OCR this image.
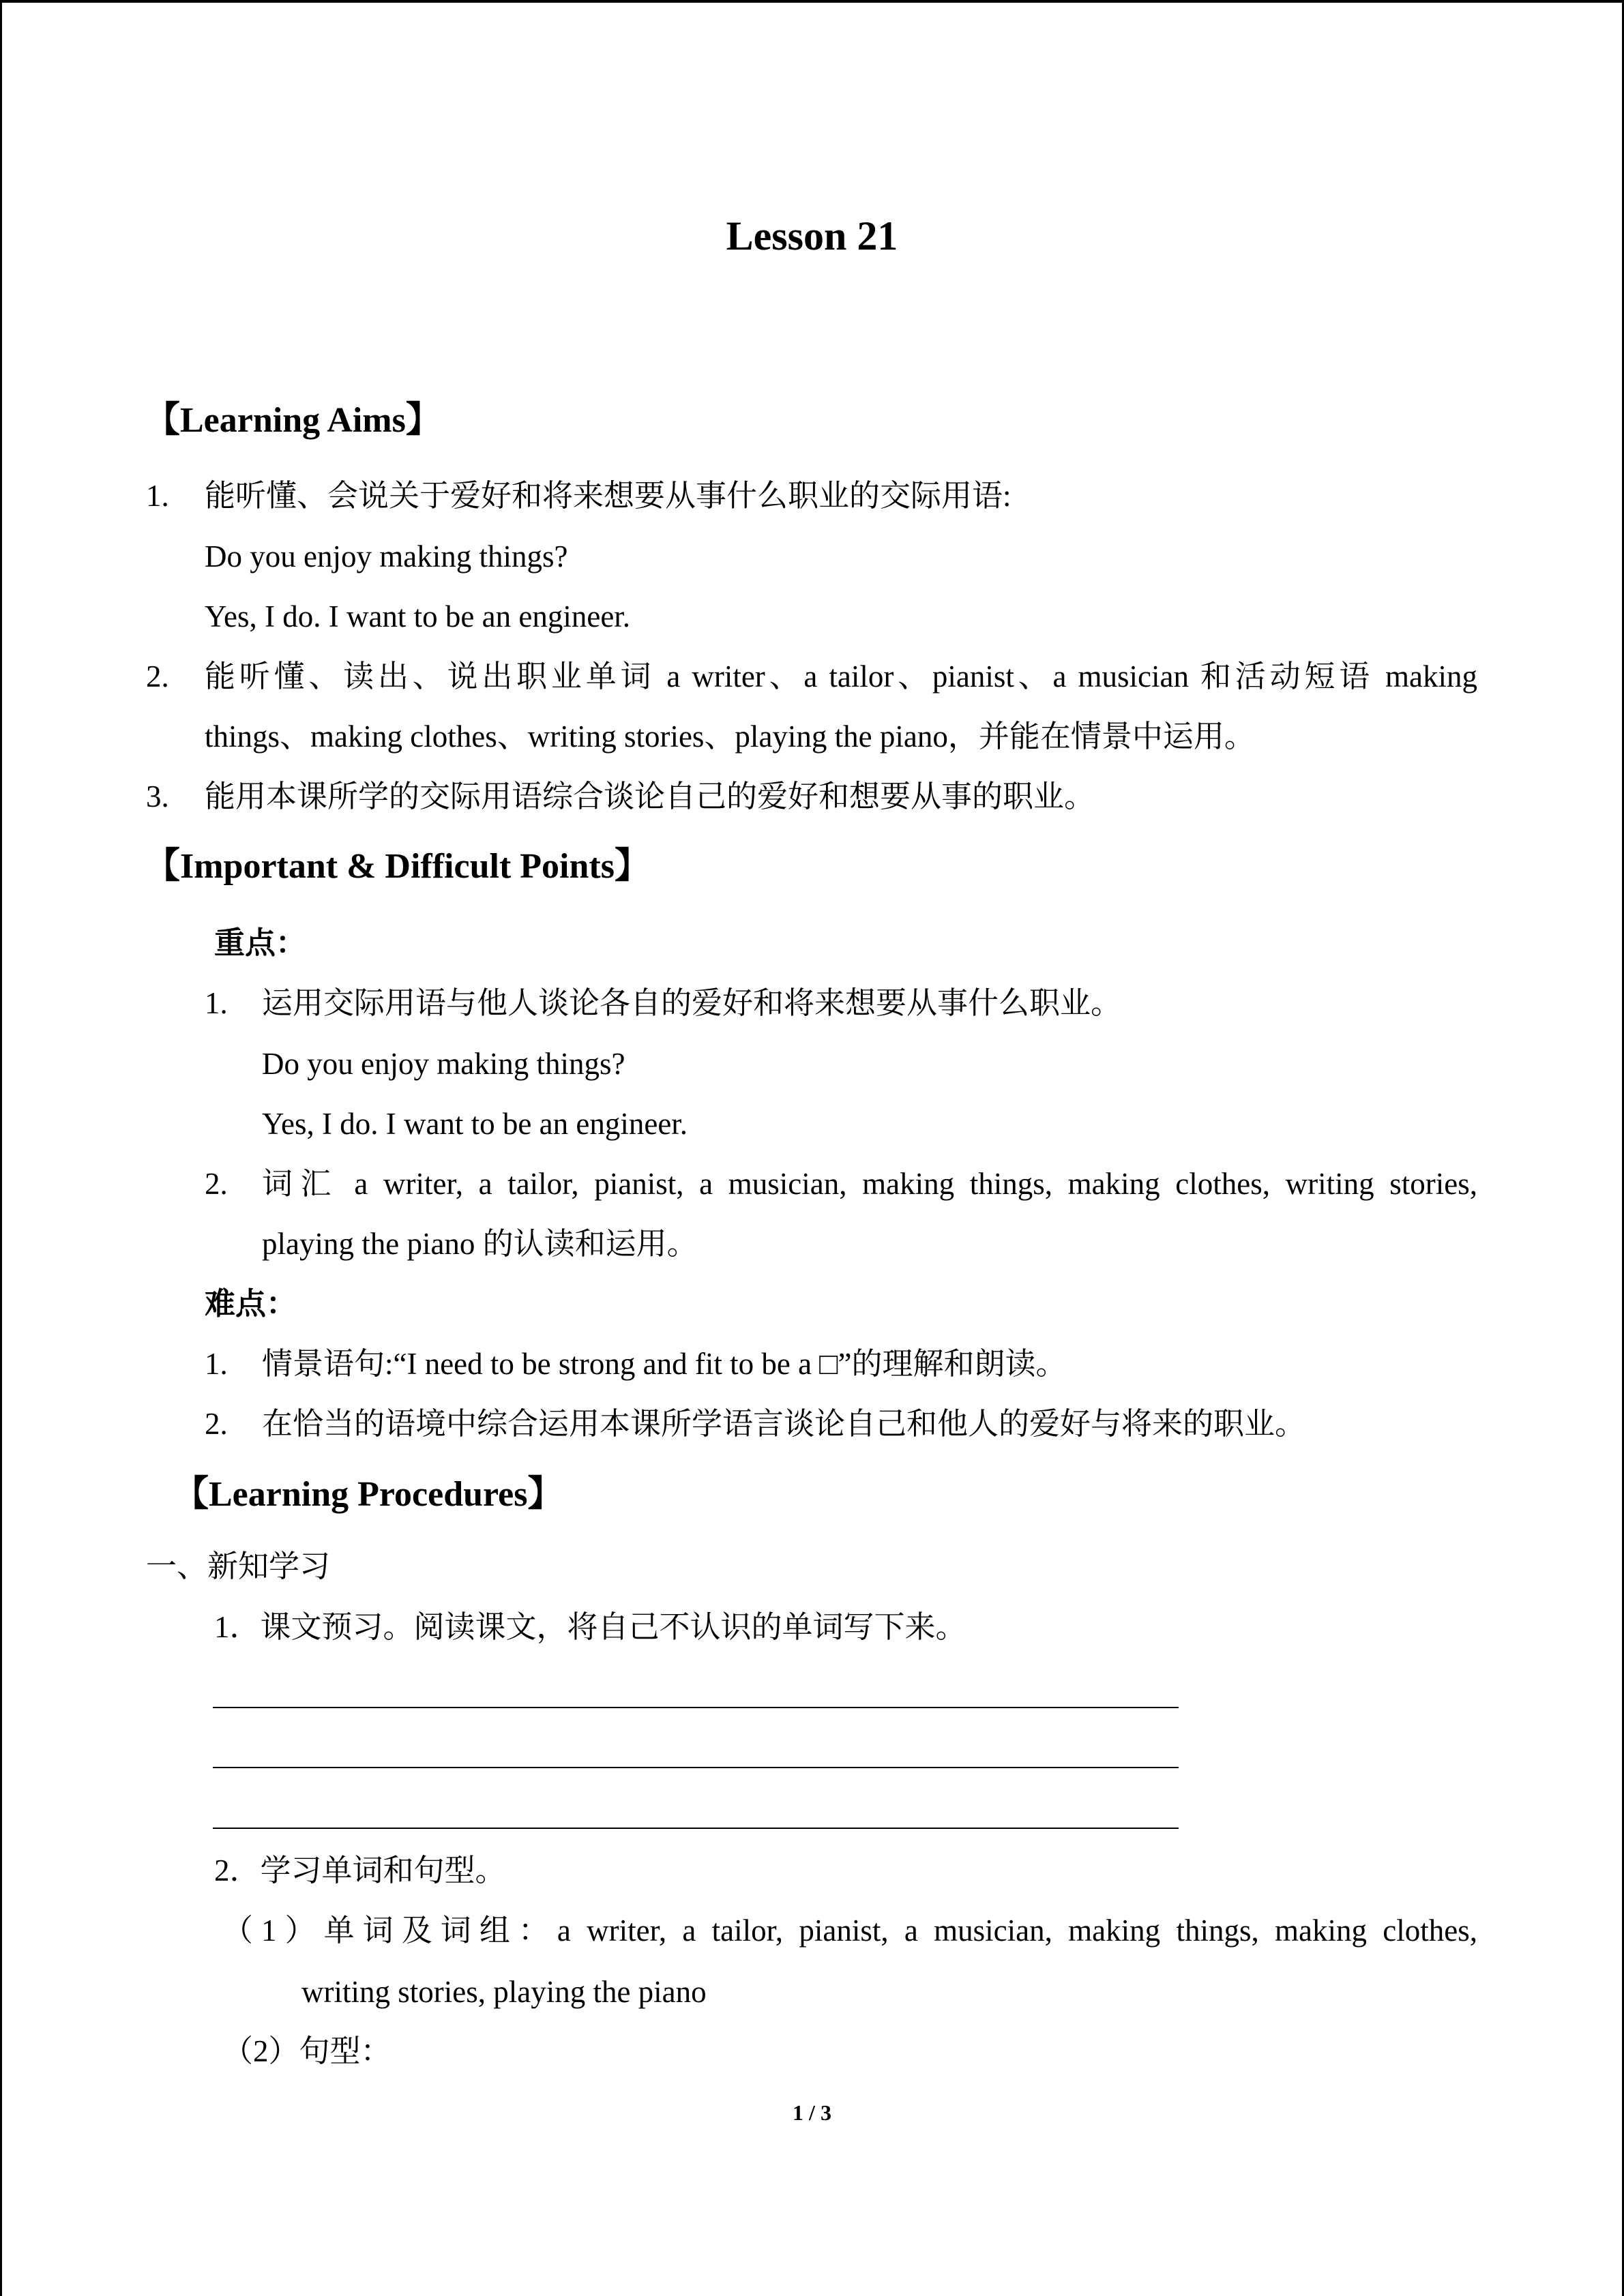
Lesson 21
【Learning Aims】
1. 能听懂、会说关于爱好和将来想要从事什么职业的交际用语:
Do you enjoy making things?
Yes, I do. I want to be an engineer.
2. 能听懂、读出、说出职业单词 a writer、a tailor、pianist、a musician 和活动短语 making
things、making clothes、writing stories、playing the piano，并能在情景中运用。
3. 能用本课所学的交际用语综合谈论自己的爱好和想要从事的职业。
【Important & Difficult Points】
重点：
1. 运用交际用语与他人谈论各自的爱好和将来想要从事什么职业。
Do you enjoy making things?
Yes, I do. I want to be an engineer.
2. 词汇 a writer, a tailor, pianist, a musician, making things, making clothes, writing stories,
playing the piano 的认读和运用。
难点：
1. 情景语句:“I need to be strong and fit to be a □”的理解和朗读。
2. 在恰当的语境中综合运用本课所学语言谈论自己和他人的爱好与将来的职业。
【Learning Procedures】
一、新知学习
1．课文预习。阅读课文，将自己不认识的单词写下来。
2．学习单词和句型。
（1）单词及词组：a writer, a tailor, pianist, a musician, making things, making clothes,
writing stories, playing the piano
（2）句型：
1 / 3
